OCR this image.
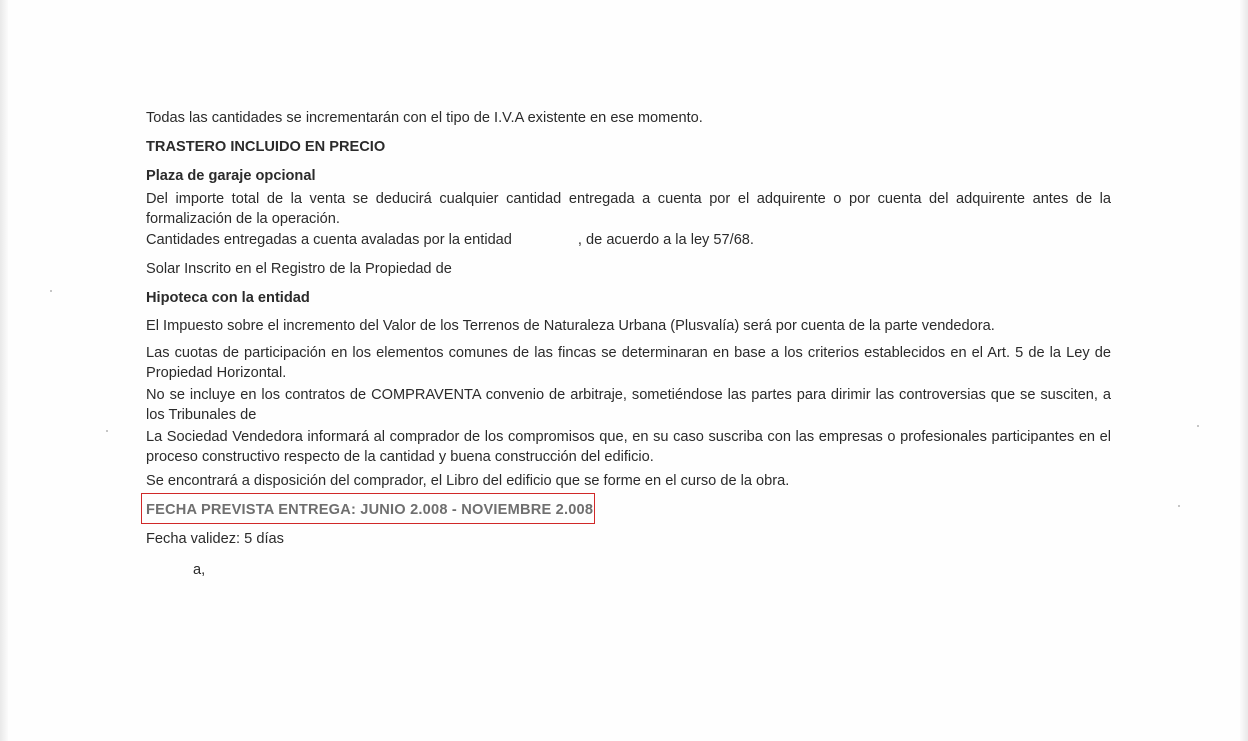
Todas las cantidades se incrementarán con el tipo de I.V.A existente en ese momento.
TRASTERO INCLUIDO EN PRECIO
Plaza de garaje opcional
Del importe total de la venta se deducirá cualquier cantidad entregada a cuenta por el adquirente o por cuenta del adquirente antes de la formalización de la operación.
Cantidades entregadas a cuenta avaladas por la entidad	, de acuerdo a la ley 57/68.
Solar Inscrito en el Registro de la Propiedad de
Hipoteca con la entidad
El Impuesto sobre el incremento del Valor de los Terrenos de Naturaleza Urbana (Plusvalía) será por cuenta de la parte vendedora.
Las cuotas de participación en los elementos comunes de las fincas se determinaran en base a los criterios establecidos en el Art. 5 de la Ley de Propiedad Horizontal.
No se incluye en los contratos de COMPRAVENTA convenio de arbitraje, sometiéndose las partes para dirimir las controversias que se susciten, a los Tribunales de
La Sociedad Vendedora informará al comprador de los compromisos que, en su caso suscriba con las empresas o profesionales participantes en el proceso constructivo respecto de la cantidad y buena construcción del edificio.
Se encontrará a disposición del comprador, el Libro del edificio que se forme en el curso de la obra.
FECHA PREVISTA ENTREGA: JUNIO 2.008 - NOVIEMBRE 2.008
Fecha validez: 5 días
a,
